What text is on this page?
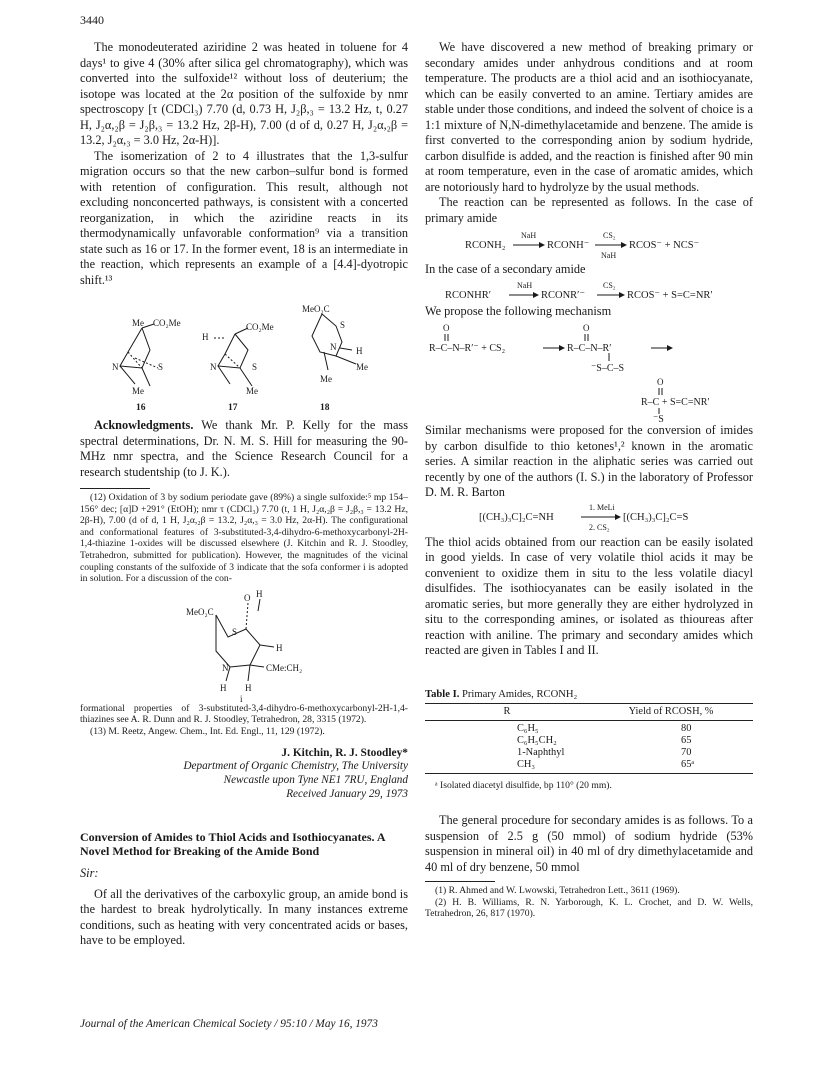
3440

The monodeuterated aziridine 2 was heated in toluene for 4 days¹ to give 4 (30% after silica gel chromatography), which was converted into the sulfoxide¹² without loss of deuterium; the isotope was located at the 2α position of the sulfoxide by nmr spectroscopy [τ (CDCl₃) 7.70 (d, 0.73 H, J₂β,₃ = 13.2 Hz, t, 0.27 H, J₂α,₂β = J₂β,₃ = 13.2 Hz, 2β-H), 7.00 (d of d, 0.27 H, J₂α,₂β = 13.2, J₂α,₃ = 3.0 Hz, 2α-H)].

The isomerization of 2 to 4 illustrates that the 1,3-sulfur migration occurs so that the new carbon–sulfur bond is formed with retention of configuration. This result, although not excluding nonconcerted pathways, is consistent with a concerted reorganization, in which the aziridine reacts in its thermodynamically unfavorable conformation⁹ via a transition state such as 16 or 17. In the former event, 18 is an intermediate in the reaction, which represents an example of a [4.4]-dyotropic shift.¹³

Me CO₂Me
N	S
Me
16
H
CO₂Me
N	S
Me
17
MeO₂C
S
N H
Me
Me
18

Acknowledgments. We thank Mr. P. Kelly for the mass spectral determinations, Dr. N. M. S. Hill for measuring the 90-MHz nmr spectra, and the Science Research Council for a research studentship (to J. K.).

(12) Oxidation of 3 by sodium periodate gave (89%) a single sulfoxide:⁵ mp 154–156° dec; [α]D +291° (EtOH); nmr τ (CDCl₃) 7.70 (t, 1 H, J₂α,₂β = J₂β,₃ = 13.2 Hz, 2β-H), 7.00 (d of d, 1 H, J₂α,₂β = 13.2, J₂α,₃ = 3.0 Hz, 2α-H). The configurational and conformational features of 3-substituted-3,4-dihydro-6-methoxycarbonyl-2H-1,4-thiazine 1-oxides will be discussed elsewhere (J. Kitchin and R. J. Stoodley, Tetrahedron, submitted for publication). However, the magnitudes of the vicinal coupling constants of the sulfoxide of 3 indicate that the sofa conformer i is adopted in solution. For a discussion of the con-

MeO₂C
O H
S
H
N	CMe:CH₂
H H
i

formational properties of 3-substituted-3,4-dihydro-6-methoxycarbonyl-2H-1,4-thiazines see A. R. Dunn and R. J. Stoodley, Tetrahedron, 28, 3315 (1972).

(13) M. Reetz, Angew. Chem., Int. Ed. Engl., 11, 129 (1972).

J. Kitchin, R. J. Stoodley*
Department of Organic Chemistry, The University
Newcastle upon Tyne NE1 7RU, England
Received January 29, 1973
Conversion of Amides to Thiol Acids and Isothiocyanates. A Novel Method for Breaking of the Amide Bond
Sir:

Of all the derivatives of the carboxylic group, an amide bond is the hardest to break hydrolytically. In many instances extreme conditions, such as heating with very concentrated acids or bases, have to be employed.

We have discovered a new method of breaking primary or secondary amides under anhydrous conditions and at room temperature. The products are a thiol acid and an isothiocyanate, which can be easily converted to an amine. Tertiary amides are stable under those conditions, and indeed the solvent of choice is a 1:1 mixture of N,N-dimethylacetamide and benzene. The amide is first converted to the corresponding anion by sodium hydride, carbon disulfide is added, and the reaction is finished after 90 min at room temperature, even in the case of aromatic amides, which are notoriously hard to hydrolyze by the usual methods.

The reaction can be represented as follows. In the case of primary amide

RCONH₂
NaH
RCONH⁻
CS₂
NaH
RCOS⁻ + NCS⁻

In the case of a secondary amide

RCONHR′
NaH
RCONR′⁻
CS₂
RCOS⁻ + S=C=NR′

We propose the following mechanism

O
R–C–N–R′⁻ + CS₂
O
R–C–N–R′
⁻S–C–S
O
R–C + S=C=NR′
⁻S

Similar mechanisms were proposed for the conversion of imides by carbon disulfide to thio ketones¹,² known in the aromatic series. A similar reaction in the aliphatic series was carried out recently by one of the authors (I. S.) in the laboratory of Professor D. M. R. Barton

[(CH₃)₃C]₂C=NH
1. MeLi
2. CS₂
[(CH₃)₃C]₂C=S

The thiol acids obtained from our reaction can be easily isolated in good yields. In case of very volatile thiol acids it may be convenient to oxidize them in situ to the less volatile diacyl disulfides. The isothiocyanates can be easily isolated in the aromatic series, but more generally they are either hydrolyzed in situ to the corresponding amines, or isolated as thioureas after reaction with aniline. The primary and secondary amides which reacted are given in Tables I and II.

Table I. Primary Amides, RCONH₂
R	Yield of RCOSH, %
C₆H₅	80
C₆H₅CH₂	65
1-Naphthyl	70
CH₃	65ᵃ

ᵃ Isolated diacetyl disulfide, bp 110° (20 mm).

The general procedure for secondary amides is as follows. To a suspension of 2.5 g (50 mmol) of sodium hydride (53% suspension in mineral oil) in 40 ml of dry dimethylacetamide and 40 ml of dry benzene, 50 mmol

(1) R. Ahmed and W. Lwowski, Tetrahedron Lett., 3611 (1969).

(2) H. B. Williams, R. N. Yarborough, K. L. Crochet, and D. W. Wells, Tetrahedron, 26, 817 (1970).

Journal of the American Chemical Society / 95:10 / May 16, 1973
